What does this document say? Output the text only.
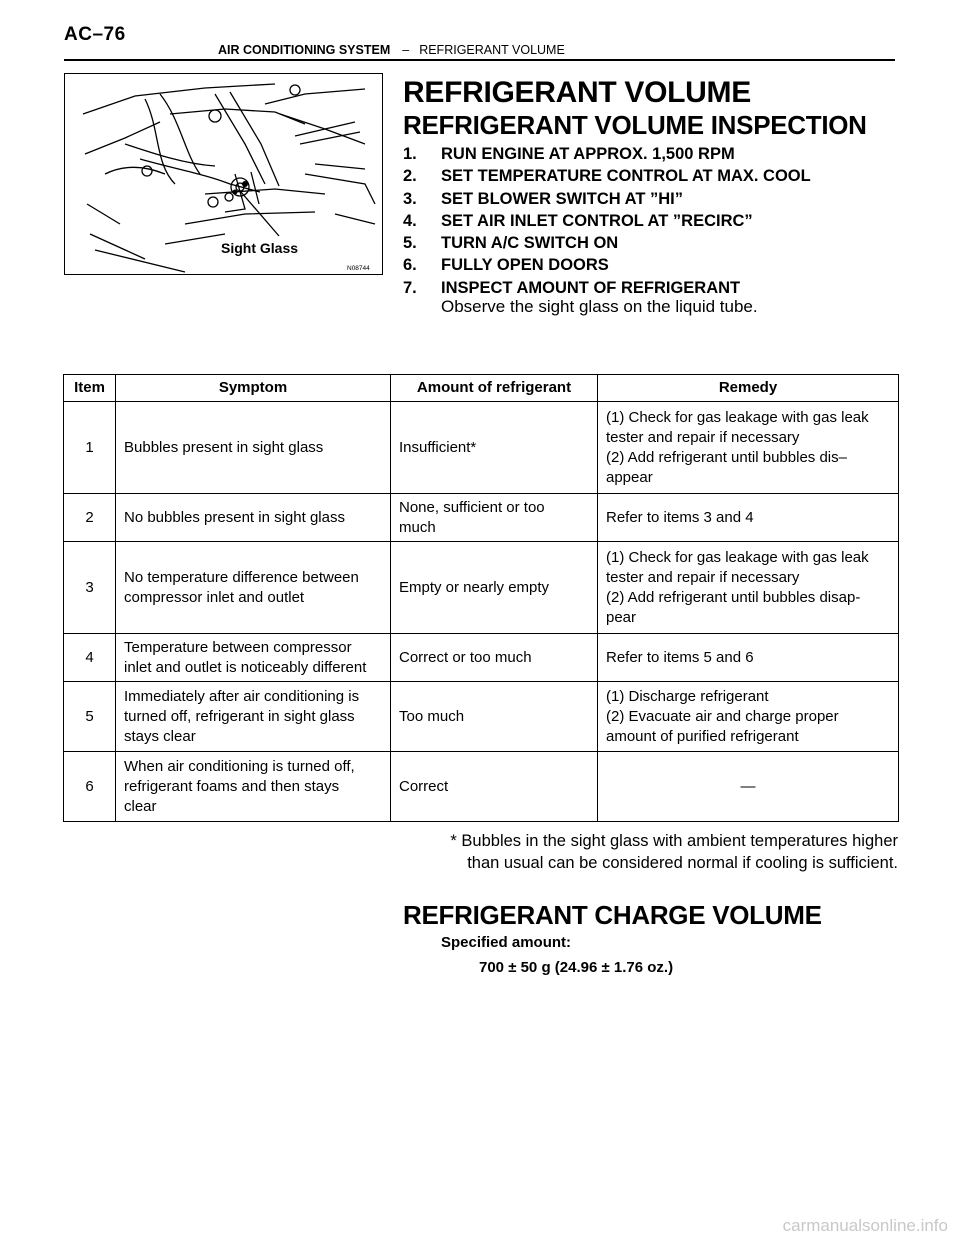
AC–76
AIR CONDITIONING SYSTEM – REFRIGERANT VOLUME
Sight Glass
N08744
REFRIGERANT VOLUME
REFRIGERANT VOLUME INSPECTION
1. RUN ENGINE AT APPROX. 1,500 RPM
2. SET TEMPERATURE CONTROL AT MAX. COOL
3. SET BLOWER SWITCH AT ”HI”
4. SET AIR INLET CONTROL AT ”RECIRC”
5. TURN A/C SWITCH ON
6. FULLY OPEN DOORS
7. INSPECT AMOUNT OF REFRIGERANT
Observe the sight glass on the liquid tube.
Item	Symptom	Amount of refrigerant	Remedy
1	Bubbles present in sight glass	Insufficient*	(1) Check for gas leakage with gas leak
tester and repair if necessary
(2) Add refrigerant until bubbles dis–
appear
2	No bubbles present in sight glass	None, sufficient or too
much	Refer to items 3 and 4
3	No temperature difference between
compressor inlet and outlet	Empty or nearly empty	(1) Check for gas leakage with gas leak
tester and repair if necessary
(2) Add refrigerant until bubbles disap-
pear
4	Temperature between compressor
inlet and outlet is noticeably different	Correct or too much	Refer to items 5 and 6
5	Immediately after air conditioning is
turned off, refrigerant in sight glass
stays clear	Too much	(1) Discharge refrigerant
(2) Evacuate air and charge proper
amount of purified refrigerant
6	When air conditioning is turned off,
refrigerant foams and then stays
clear	Correct	—
* Bubbles in the sight glass with ambient temperatures higher
than usual can be considered normal if cooling is sufficient.
REFRIGERANT CHARGE VOLUME
Specified amount:
700 ± 50 g (24.96 ± 1.76 oz.)
carmanualsonline.info
